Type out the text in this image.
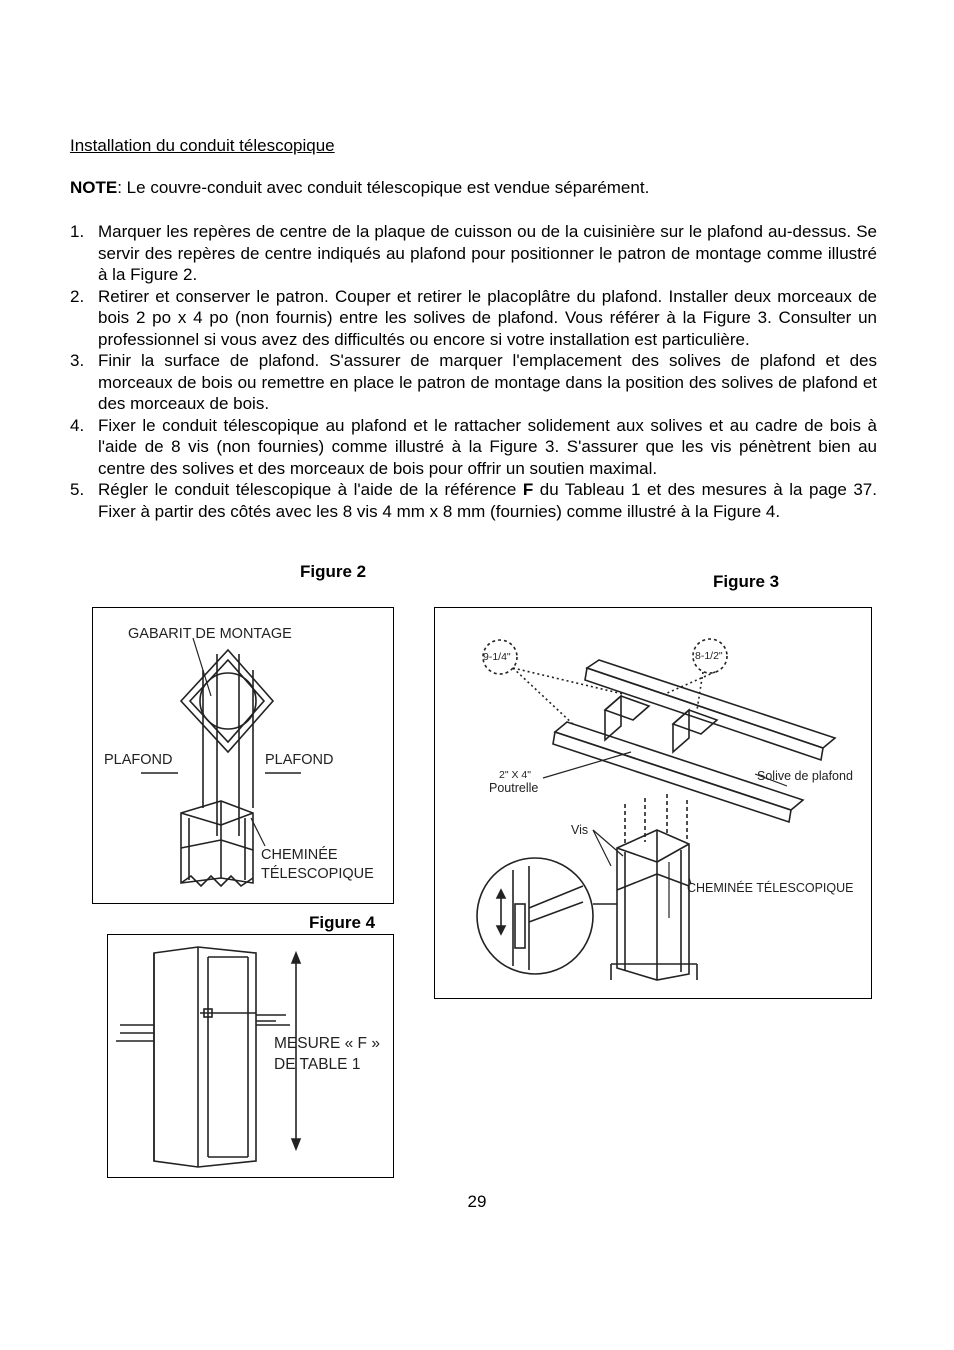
Installation du conduit télescopique
NOTE: Le couvre-conduit avec conduit télescopique est vendue séparément.
1. Marquer les repères de centre de la plaque de cuisson ou de la cuisinière sur le plafond au-dessus. Se servir des repères de centre indiqués au plafond pour positionner le patron de montage comme illustré à la Figure 2.
2. Retirer et conserver le patron. Couper et retirer le placoplâtre du plafond. Installer deux morceaux de bois 2 po x 4 po (non fournis) entre les solives de plafond. Vous référer à la Figure 3. Consulter un professionnel si vous avez des difficultés ou encore si votre installation est particulière.
3. Finir la surface de plafond. S'assurer de marquer l'emplacement des solives de plafond et des morceaux de bois ou remettre en place le patron de montage dans la position des solives de plafond et des morceaux de bois.
4. Fixer le conduit télescopique au plafond et le rattacher solidement aux solives et au cadre de bois à l'aide de 8 vis (non fournies) comme illustré à la Figure 3. S'assurer que les vis pénètrent bien au centre des solives et des morceaux de bois pour offrir un soutien maximal.
5. Régler le conduit télescopique à l'aide de la référence F du Tableau 1 et des mesures à la page 37. Fixer à partir des côtés avec les 8 vis 4 mm x 8 mm (fournies) comme illustré à la Figure 4.
Figure 2
Figure 3
Figure 4
GABARIT DE MONTAGE
PLAFOND	PLAFOND
CHEMINÉE
TÉLESCOPIQUE
9-1/4"	8-1/2"
2" X 4"
Poutrelle
Solive de plafond
Vis
CHEMINÉE TÉLESCOPIQUE
MESURE « F »
DE TABLE 1
29
